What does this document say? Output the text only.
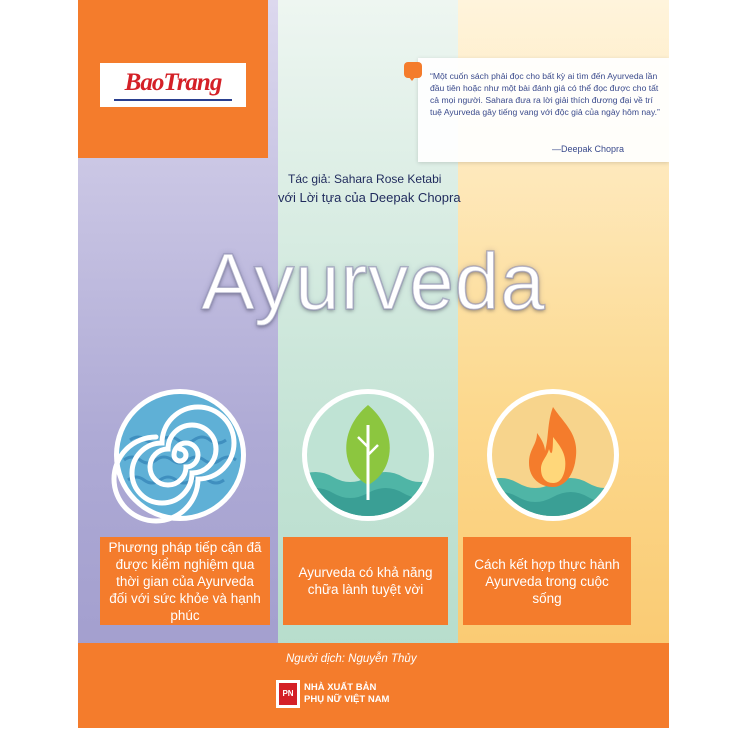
BaoTrang	“Một cuốn sách phải đọc cho bất kỳ ai tìm đến Ayurveda lần đầu tiên hoặc như một bài đánh giá có thể đọc được cho tất cả mọi người. Sahara đưa ra lời giải thích đương đại về trí tuệ Ayurveda gây tiếng vang với độc giả của ngày hôm nay.”
—Deepak Chopra
Tác giả: Sahara Rose Ketabi
với Lời tựa của Deepak Chopra
Ayurveda
Phương pháp tiếp cận đã được kiểm nghiệm qua thời gian của Ayurveda đối với sức khỏe và hạnh phúc
Ayurveda có khả năng chữa lành tuyệt vời
Cách kết hợp thực hành Ayurveda trong cuộc sống
Người dịch: Nguyễn Thủy
PN
NHÀ XUẤT BẢN
PHỤ NỮ VIỆT NAM
